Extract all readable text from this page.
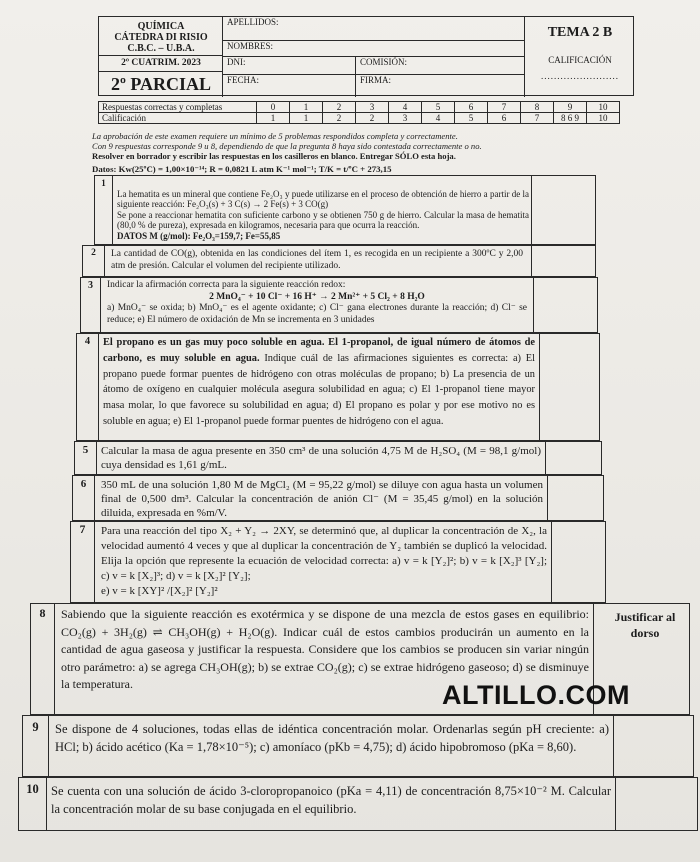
QUÍMICA
CÁTEDRA DI RISIO
C.B.C. – U.B.A.
2º CUATRIM. 2023
2º PARCIAL
APELLIDOS:
NOMBRES:
DNI:	COMISIÓN:
FECHA:	FIRMA:
TEMA 2 B
CALIFICACIÓN
........................
Respuestas correctas y completas	0	1	2	3	4	5	6	7	8	9	10
Calificación	1	1	2	2	3	4	5	6	7	8 6 9	10
La aprobación de este examen requiere un mínimo de 5 problemas respondidos completa y correctamente.
Con 9 respuestas corresponde 9 u 8, dependiendo de que la pregunta 8 haya sido contestada correctamente o no.
Resolver en borrador y escribir las respuestas en los casilleros en blanco. Entregar SÓLO esta hoja.
Datos: Kw(25ºC) = 1,00×10⁻¹⁴; R = 0,0821 L atm K⁻¹ mol⁻¹; T/K = t/ºC + 273,15
1

La hematita es un mineral que contiene Fe₂O₃ y puede utilizarse en el proceso de obtención de hierro a partir de la siguiente reacción: Fe₂O₃(s) + 3 C(s) → 2 Fe(s) + 3 CO(g)
Se pone a reaccionar hematita con suficiente carbono y se obtienen 750 g de hierro. Calcular la masa de hematita (80,0 % de pureza), expresada en kilogramos, necesaria para que ocurra la reacción.

DATOS M (g/mol): Fe₂O₃=159,7; Fe=55,85

2	La cantidad de CO(g), obtenida en las condiciones del ítem 1, es recogida en un recipiente a 300ºC y 2,00 atm de presión. Calcular el volumen del recipiente utilizado.
3	Indicar la afirmación correcta para la siguiente reacción redox:
2 MnO₄⁻ + 10 Cl⁻ + 16 H⁺ → 2 Mn²⁺ + 5 Cl₂ + 8 H₂O
a) MnO₄⁻ se oxida; b) MnO₄⁻ es el agente oxidante; c) Cl⁻ gana electrones durante la reacción; d) Cl⁻ se reduce; e) El número de oxidación de Mn se incrementa en 3 unidades
4	El propano es un gas muy poco soluble en agua. El 1-propanol, de igual número de átomos de carbono, es muy soluble en agua. Indique cuál de las afirmaciones siguientes es correcta: a) El propano puede formar puentes de hidrógeno con otras moléculas de propano; b) La presencia de un átomo de oxígeno en cualquier molécula asegura solubilidad en agua; c) El 1-propanol tiene mayor masa molar, lo que favorece su solubilidad en agua; d) El propano es polar y por ese motivo no es soluble en agua; e) El 1-propanol puede formar puentes de hidrógeno con el agua.
5	Calcular la masa de agua presente en 350 cm³ de una solución 4,75 M de H₂SO₄ (M = 98,1 g/mol) cuya densidad es 1,61 g/mL.
6	350 mL de una solución 1,80 M de MgCl₂ (M = 95,22 g/mol) se diluye con agua hasta un volumen final de 0,500 dm³. Calcular la concentración de anión Cl⁻ (M = 35,45 g/mol) en la solución diluida, expresada en %m/V.
7	Para una reacción del tipo X₂ + Y₂ → 2XY, se determinó que, al duplicar la concentración de X₂, la velocidad aumentó 4 veces y que al duplicar la concentración de Y₂ también se duplicó la velocidad. Elija la opción que represente la ecuación de velocidad correcta: a) v = k [Y₂]²; b) v = k [X₂]³ [Y₂]; c) v = k [X₂]³; d) v = k [X₂]² [Y₂];
e) v = k [XY]² /[X₂]² [Y₂]²
8	Sabiendo que la siguiente reacción es exotérmica y se dispone de una mezcla de estos gases en equilibrio: CO₂(g) + 3H₂(g) ⇌ CH₃OH(g) + H₂O(g). Indicar cuál de estos cambios producirán un aumento en la cantidad de agua gaseosa y justificar la respuesta. Considere que los cambios se producen sin variar ningún otro parámetro: a) se agrega CH₃OH(g); b) se extrae CO₂(g); c) se extrae hidrógeno gaseoso; d) se disminuye la temperatura.
Justificar al dorso
9	Se dispone de 4 soluciones, todas ellas de idéntica concentración molar. Ordenarlas según pH creciente: a) HCl; b) ácido acético (Ka = 1,78×10⁻⁵); c) amoníaco (pKb = 4,75); d) ácido hipobromoso (pKa = 8,60).
10 Se cuenta con una solución de ácido 3-cloropropanoico (pKa = 4,11) de concentración 8,75×10⁻² M. Calcular la concentración molar de su base conjugada en el equilibrio.
ALTILLO.COM
